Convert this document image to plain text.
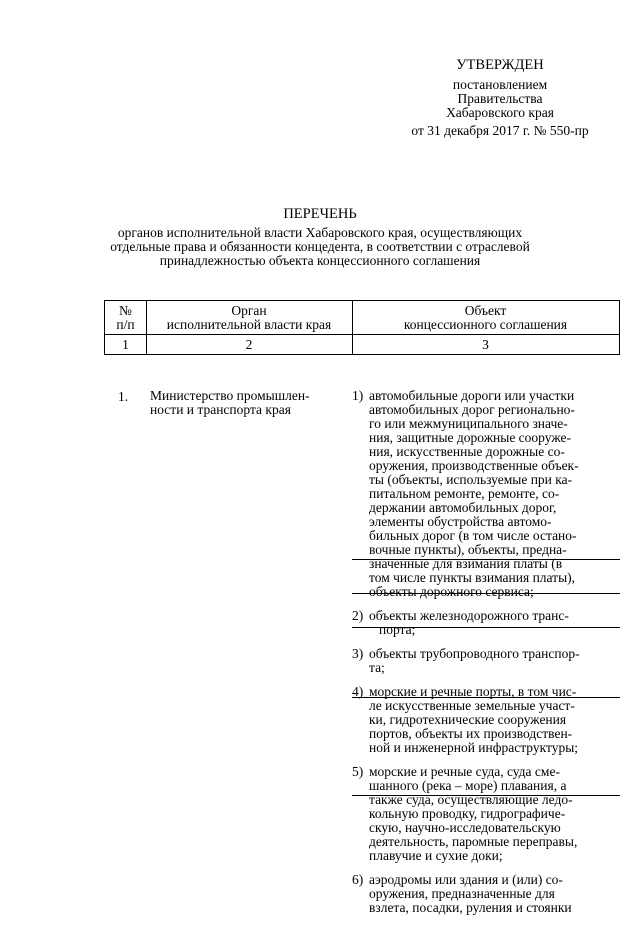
УТВЕРЖДЕН
постановлением
Правительства
Хабаровского края
от 31 декабря 2017 г. № 550-пр
ПЕРЕЧЕНЬ
органов исполнительной власти Хабаровского края, осуществляющих
отдельные права и обязанности концедента, в соответствии с отраслевой
принадлежностью объекта концессионного соглашения
№
п/п
Орган
исполнительной власти края
Объект
концессионного соглашения
1	2	3
1. Министерство промышлен-
ности и транспорта края
1) автомобильные дороги или участки
автомобильных дорог регионально-
го или межмуниципального значе-
ния, защитные дорожные сооруже-
ния, искусственные дорожные со-
оружения, производственные объек-
ты (объекты, используемые при ка-
питальном ремонте, ремонте, со-
держании автомобильных дорог,
элементы обустройства автомо-
бильных дорог (в том числе остано-
вочные пункты), объекты, предна-
значенные для взимания платы (в
том числе пункты взимания платы),
объекты дорожного сервиса;
2) объекты железнодорожного транс-
порта;
3) объекты трубопроводного транспор-
та;
4) морские и речные порты, в том чис-
ле искусственные земельные участ-
ки, гидротехнические сооружения
портов, объекты их производствен-
ной и инженерной инфраструктуры;
5) морские и речные суда, суда сме-
шанного (река – море) плавания, а
также суда, осуществляющие ледо-
кольную проводку, гидрографиче-
скую, научно-исследовательскую
деятельность, паромные переправы,
плавучие и сухие доки;
6) аэродромы или здания и (или) со-
оружения, предназначенные для
взлета, посадки, руления и стоянки
